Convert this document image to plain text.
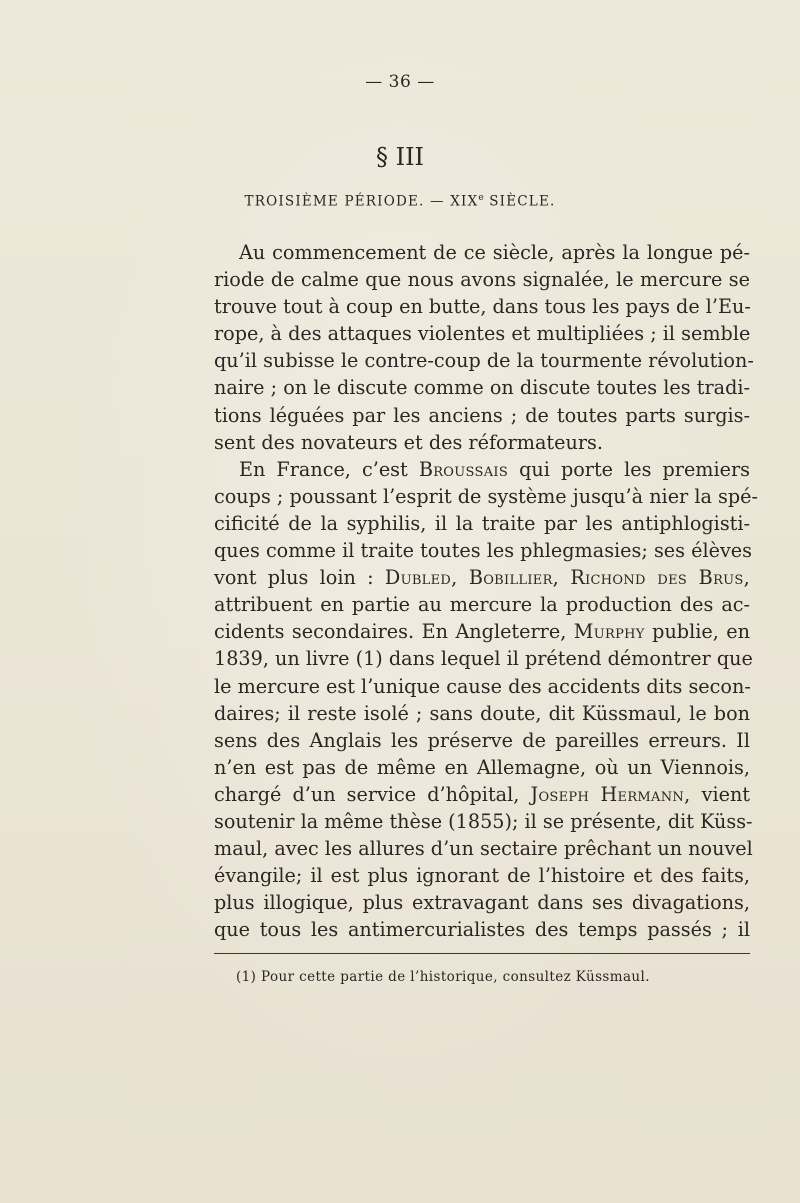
— 36 —
§ III
TROISIÈME PÉRIODE. — XIXe SIÈCLE.
Au commencement de ce siècle, après la longue pé-
riode de calme que nous avons signalée, le mercure se
trouve tout à coup en butte, dans tous les pays de l’Eu-
rope, à des attaques violentes et multipliées ; il semble
qu’il subisse le contre-coup de la tourmente révolution-
naire ; on le discute comme on discute toutes les tradi-
tions léguées par les anciens ; de toutes parts surgis-
sent des novateurs et des réformateurs.
En France, c’est Broussais qui porte les premiers
coups ; poussant l’esprit de système jusqu’à nier la spé-
cificité de la syphilis, il la traite par les antiphlogisti-
ques comme il traite toutes les phlegmasies; ses élèves
vont plus loin : Dubled, Bobillier, Richond des Brus,
attribuent en partie au mercure la production des ac-
cidents secondaires. En Angleterre, Murphy publie, en
1839, un livre (1) dans lequel il prétend démontrer que
le mercure est l’unique cause des accidents dits secon-
daires; il reste isolé ; sans doute, dit Küssmaul, le bon
sens des Anglais les préserve de pareilles erreurs. Il
n’en est pas de même en Allemagne, où un Viennois,
chargé d’un service d’hôpital, Joseph Hermann, vient
soutenir la même thèse (1855); il se présente, dit Küss-
maul, avec les allures d’un sectaire prêchant un nouvel
évangile; il est plus ignorant de l’histoire et des faits,
plus illogique, plus extravagant dans ses divagations,
que tous les antimercurialistes des temps passés ; il
(1) Pour cette partie de l’historique, consultez Küssmaul.
